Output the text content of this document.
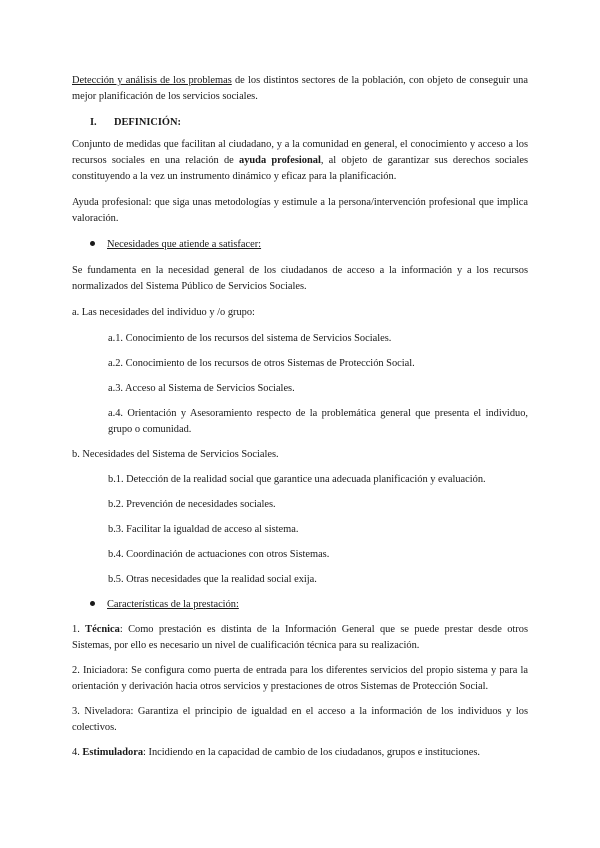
Detección y análisis de los problemas de los distintos sectores de la población, con objeto de conseguir una mejor planificación de los servicios sociales.

I. DEFINICIÓN:

Conjunto de medidas que facilitan al ciudadano, y a la comunidad en general, el conocimiento y acceso a los recursos sociales en una relación de ayuda profesional, al objeto de garantizar sus derechos sociales constituyendo a la vez un instrumento dinámico y eficaz para la planificación.

Ayuda profesional: que siga unas metodologías y estimule a la persona/intervención profesional que implica valoración.

Necesidades que atiende a satisfacer:

Se fundamenta en la necesidad general de los ciudadanos de acceso a la información y a los recursos normalizados del Sistema Público de Servicios Sociales.

a. Las necesidades del individuo y /o grupo:

a.1. Conocimiento de los recursos del sistema de Servicios Sociales.

a.2. Conocimiento de los recursos de otros Sistemas de Protección Social.

a.3. Acceso al Sistema de Servicios Sociales.

a.4. Orientación y Asesoramiento respecto de la problemática general que presenta el individuo, grupo o comunidad.

b. Necesidades del Sistema de Servicios Sociales.

b.1. Detección de la realidad social que garantice una adecuada planificación y evaluación.

b.2. Prevención de necesidades sociales.

b.3. Facilitar la igualdad de acceso al sistema.

b.4. Coordinación de actuaciones con otros Sistemas.

b.5. Otras necesidades que la realidad social exija.

Características de la prestación:

1. Técnica: Como prestación es distinta de la Información General que se puede prestar desde otros Sistemas, por ello es necesario un nivel de cualificación técnica para su realización.

2. Iniciadora: Se configura como puerta de entrada para los diferentes servicios del propio sistema y para la orientación y derivación hacia otros servicios y prestaciones de otros Sistemas de Protección Social.

3. Niveladora: Garantiza el principio de igualdad en el acceso a la información de los individuos y los colectivos.

4. Estimuladora: Incidiendo en la capacidad de cambio de los ciudadanos, grupos e instituciones.
